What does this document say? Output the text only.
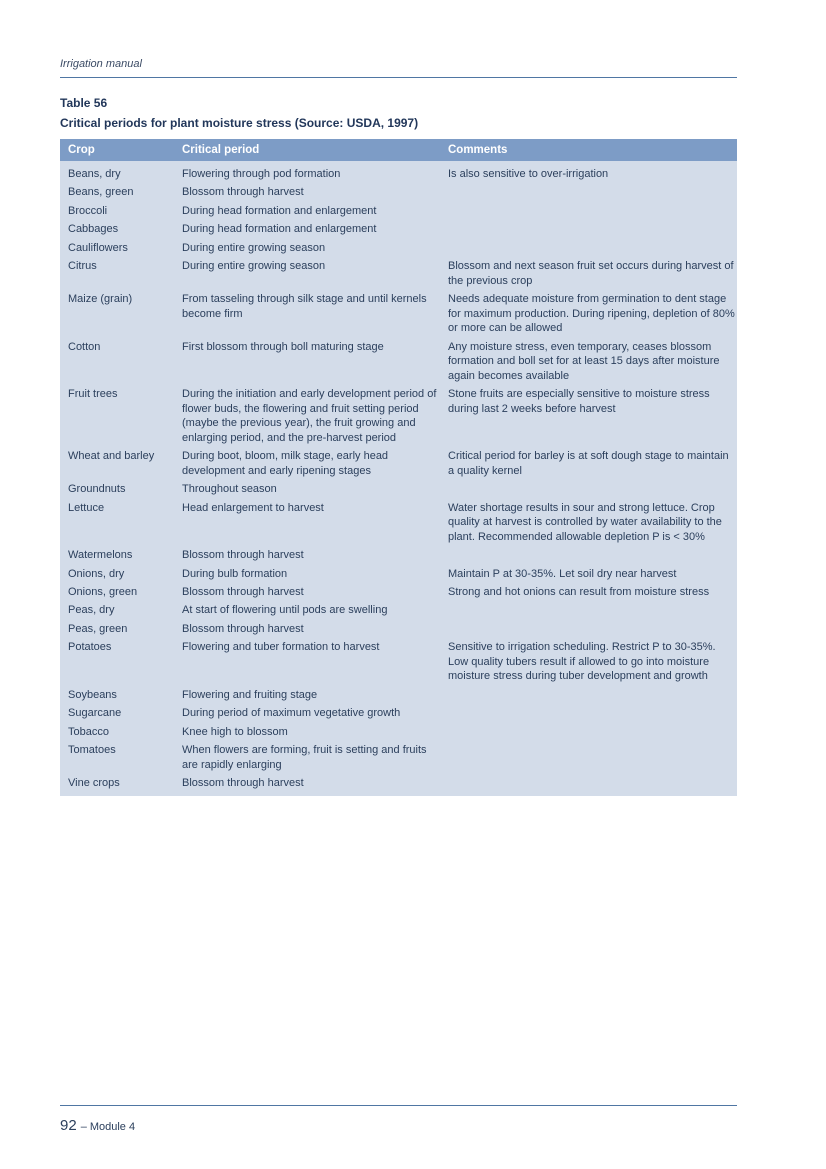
Irrigation manual
Table 56
Critical periods for plant moisture stress (Source: USDA, 1997)
Crop	Critical period	Comments
Beans, dry	Flowering through pod formation	Is also sensitive to over-irrigation
Beans, green	Blossom through harvest	
Broccoli	During head formation and enlargement	
Cabbages	During head formation and enlargement	
Cauliflowers	During entire growing season	
Citrus	During entire growing season	Blossom and next season fruit set occurs during harvest of the previous crop
Maize (grain)	From tasseling through silk stage and until kernels become firm	Needs adequate moisture from germination to dent stage for maximum production. During ripening, depletion of 80% or more can be allowed
Cotton	First blossom through boll maturing stage	Any moisture stress, even temporary, ceases blossom formation and boll set for at least 15 days after moisture again becomes available
Fruit trees	During the initiation and early development period of flower buds, the flowering and fruit setting period (maybe the previous year), the fruit growing and enlarging period, and the pre-harvest period	Stone fruits are especially sensitive to moisture stress during last 2 weeks before harvest
Wheat and barley	During boot, bloom, milk stage, early head development and early ripening stages	Critical period for barley is at soft dough stage to maintain a quality kernel
Groundnuts	Throughout season	
Lettuce	Head enlargement to harvest	Water shortage results in sour and strong lettuce. Crop quality at harvest is controlled by water availability to the plant. Recommended allowable depletion P is < 30%
Watermelons	Blossom through harvest	
Onions, dry	During bulb formation	Maintain P at 30-35%. Let soil dry near harvest
Onions, green	Blossom through harvest	Strong and hot onions can result from moisture stress
Peas, dry	At start of flowering until pods are swelling	
Peas, green	Blossom through harvest	
Potatoes	Flowering and tuber formation to harvest	Sensitive to irrigation scheduling. Restrict P to 30-35%. Low quality tubers result if allowed to go into moisture moisture stress during tuber development and growth
Soybeans	Flowering and fruiting stage	
Sugarcane	During period of maximum vegetative growth	
Tobacco	Knee high to blossom	
Tomatoes	When flowers are forming, fruit is setting and fruits are rapidly enlarging	
Vine crops	Blossom through harvest	
92 – Module 4
